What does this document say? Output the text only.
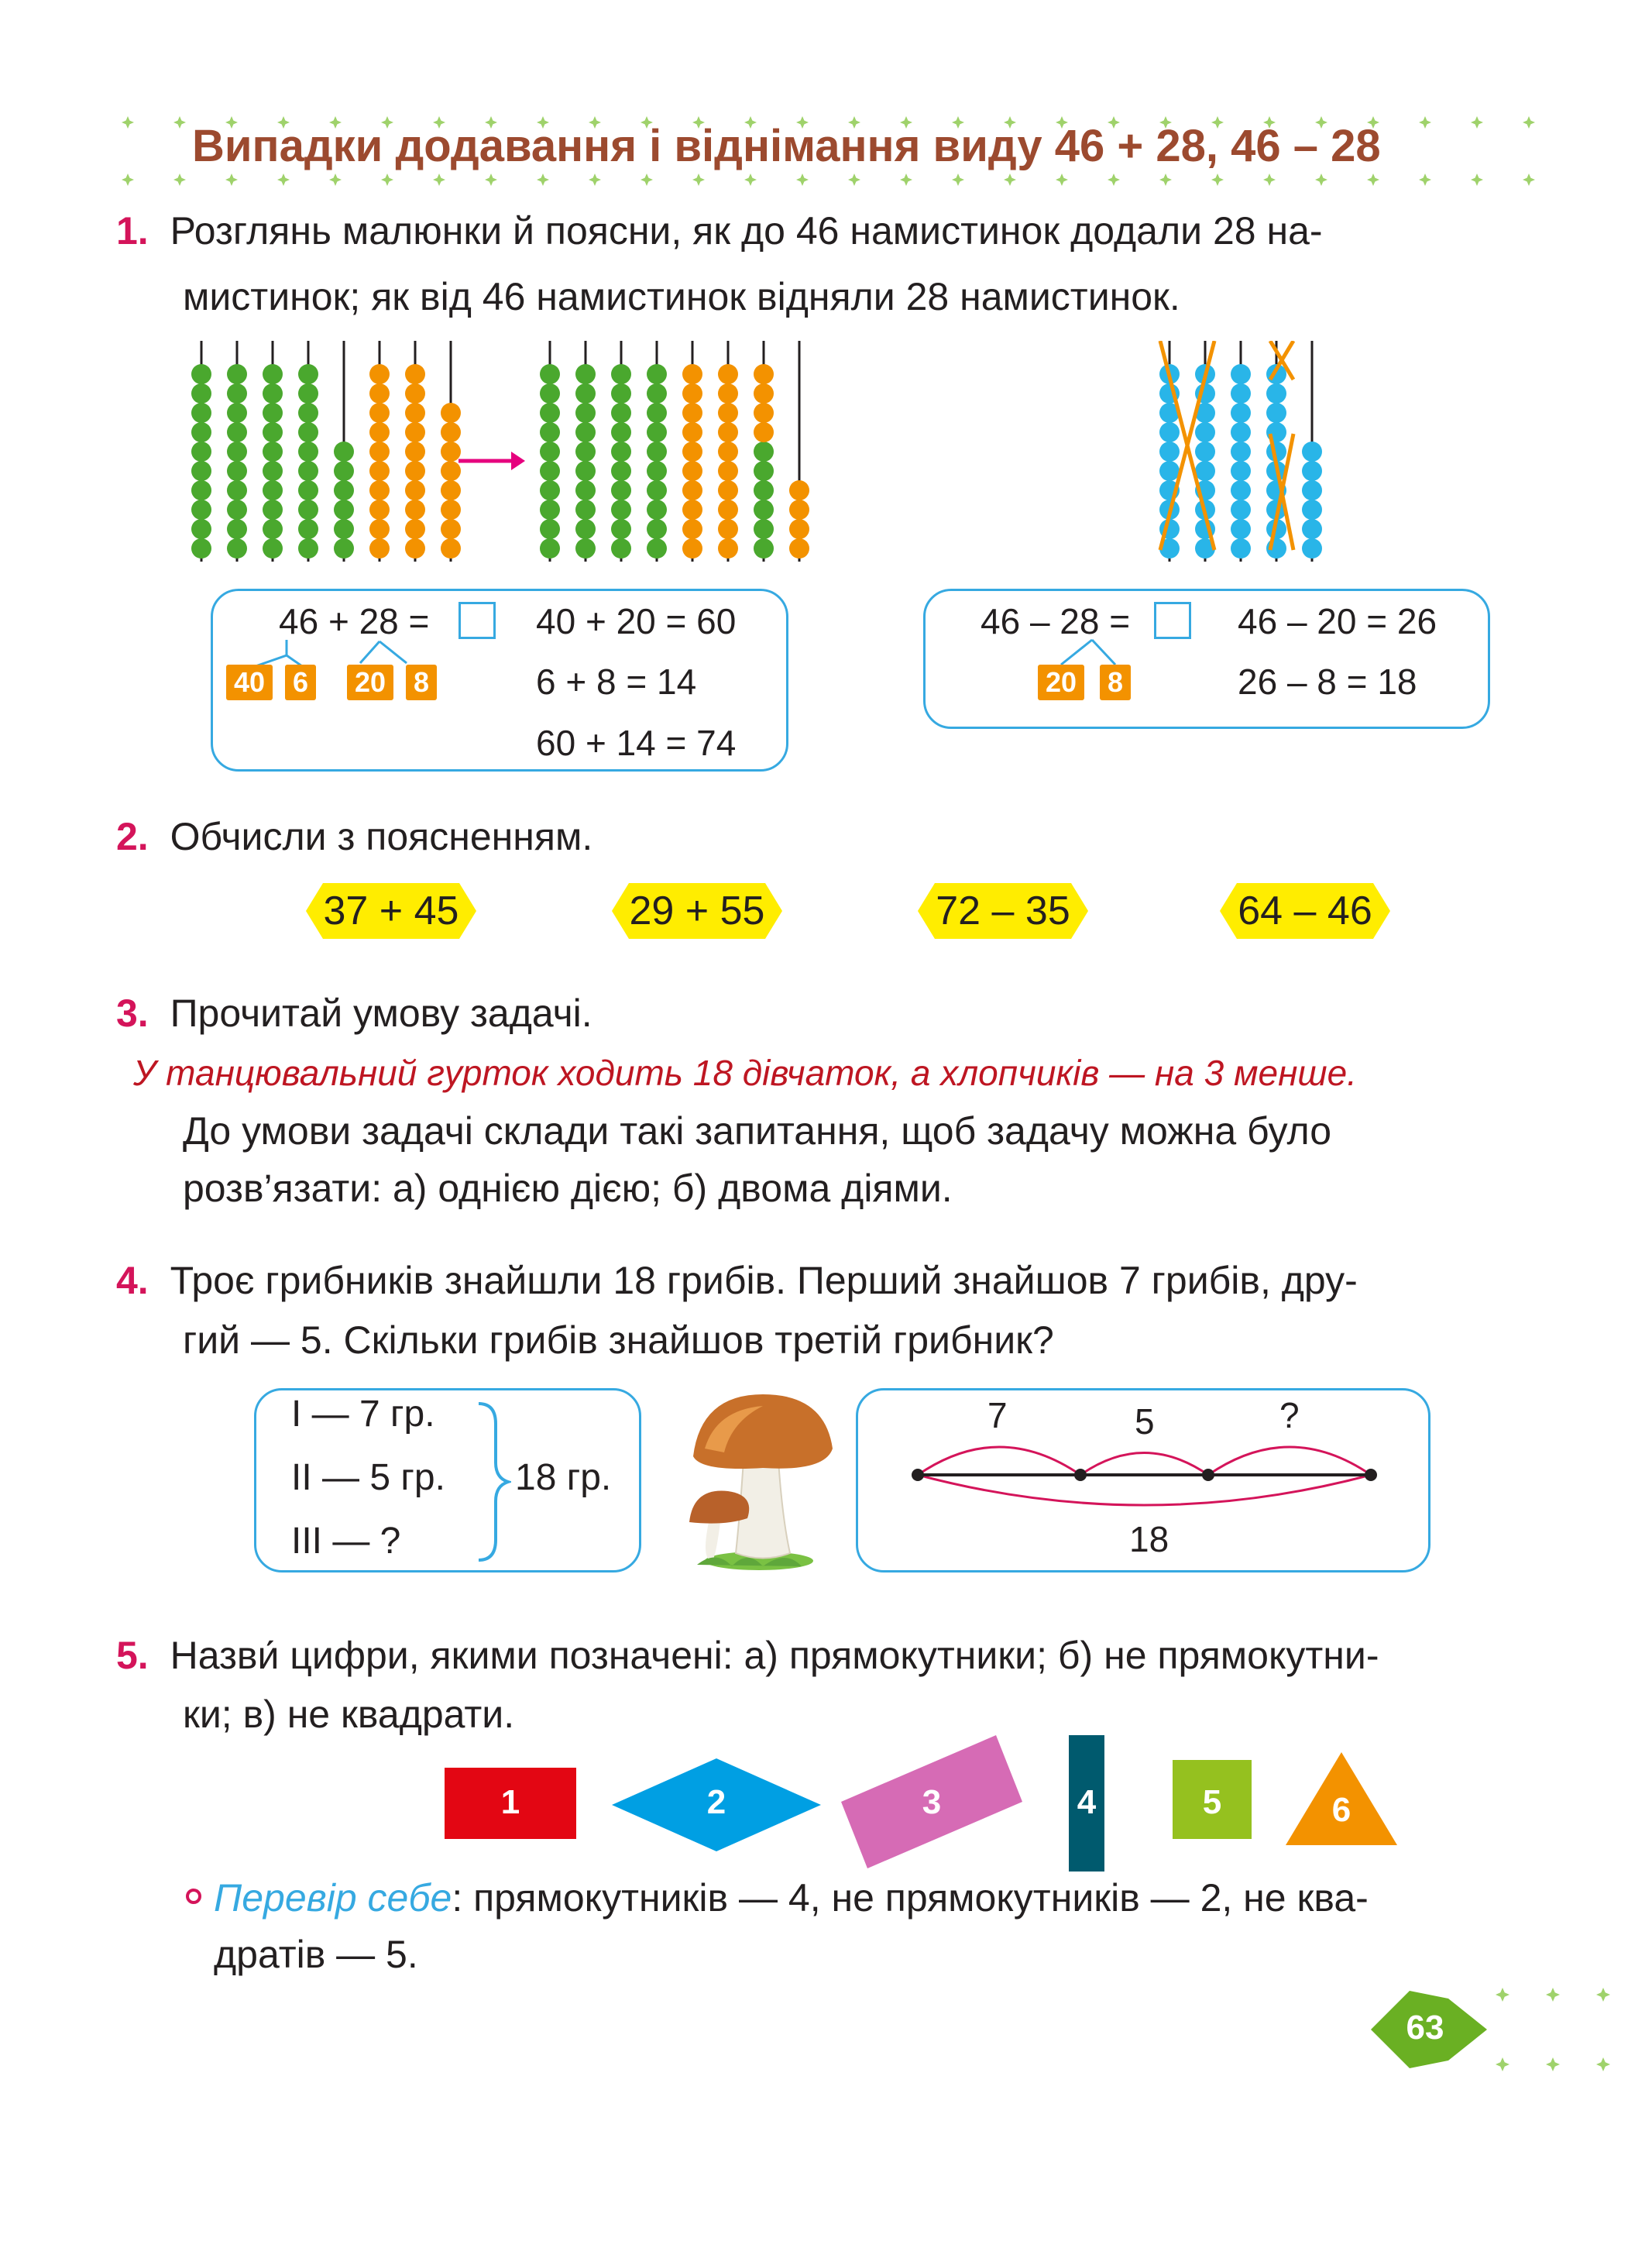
Випадки додавання і віднімання виду 46 + 28, 46 – 28
1. Розглянь малюнки й поясни, як до 46 намистинок додали 28 на-
мистинок; як від 46 намистинок відняли 28 намистинок.
46 + 28 =
40 6 20 8
40 + 20 = 60
6 + 8 = 14
60 + 14 = 74
46 – 28 =
20 8
46 – 20 = 26
26 – 8 = 18
2. Обчисли з поясненням.
37 + 45	29 + 55	72 – 35	64 – 46
3. Прочитай умову задачі.
У танцювальний гурток ходить 18 дівчаток, а хлопчиків — на 3 менше.
До умови задачі склади такі запитання, щоб задачу можна було
розв’язати: а) однією дією; б) двома діями.
4. Троє грибників знайшли 18 грибів. Перший знайшов 7 грибів, дру-
гий — 5. Скільки грибів знайшов третій грибник?
І — 7 гр.
ІІ — 5 гр.
ІІІ — ?
18 гр.
7	5	?
18
5. Назви́ цифри, якими позначені: а) прямокутники; б) не прямокутни-
ки; в) не квадрати.
1	2	3	4	5	6
Перевір себе: прямокутників — 4, не прямокутників — 2, не ква-
дратів — 5.
63
